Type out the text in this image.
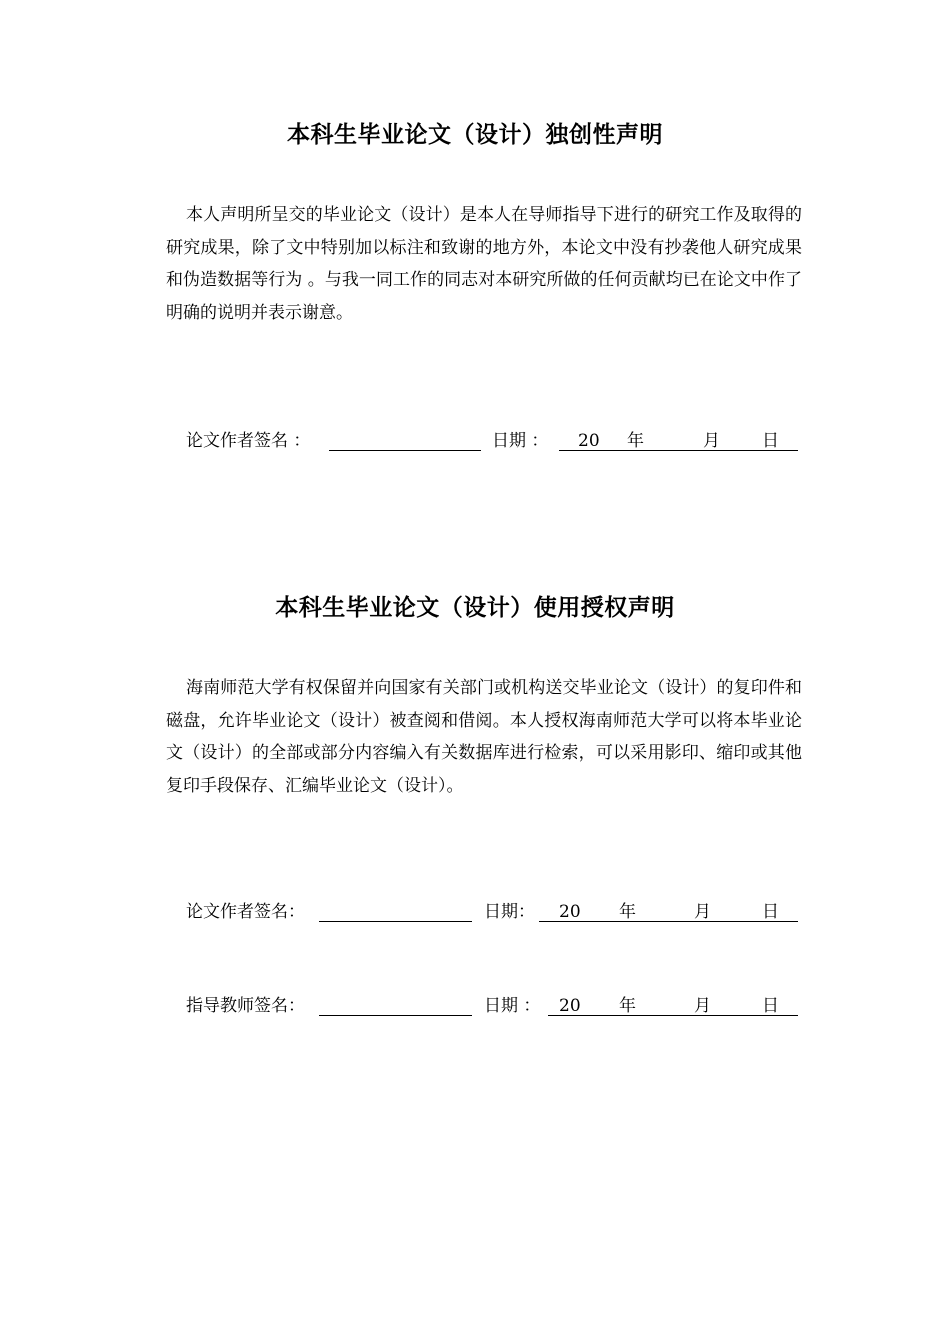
本科生毕业论文（设计）独创性声明

本人声明所呈交的毕业论文（设计）是本人在导师指导下进行的研究工作及取得的研究成果，除了文中特别加以标注和致谢的地方外，本论文中没有抄袭他人研究成果和伪造数据等行为 。与我一同工作的同志对本研究所做的任何贡献均已在论文中作了明确的说明并表示谢意。

论文作者签名 ：	日期 ： 20 年	月 日
本科生毕业论文（设计）使用授权声明

海南师范大学有权保留并向国家有关部门或机构送交毕业论文（设计）的复印件和磁盘，允许毕业论文（设计）被查阅和借阅。本人授权海南师范大学可以将本毕业论文（设计）的全部或部分内容编入有关数据库进行检索，可以采用影印、缩印或其他复印手段保存、汇编毕业论文（设计）。

论文作者签名：	日期： 20 年	月	日
指导教师签名：	日期 ： 20 年	月	日
